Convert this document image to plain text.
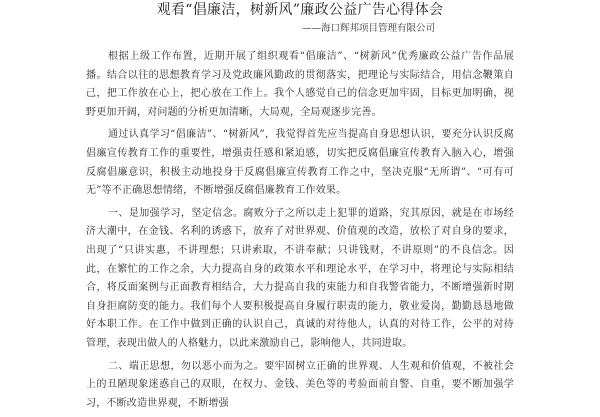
观看“倡廉洁，树新风”廉政公益广告心得体会
——海口辉邦项目管理有限公司

根据上级工作布置，近期开展了组织观看“倡廉洁”、“树新风”优秀廉政公益广告作品展播。结合以往的思想教育学习及党政廉风勤政的贯彻落实，把理论与实际结合，用信念鞭策自己，把工作放在心上，把心放在工作上。我个人感觉自己的信念更加牢固，目标更加明确，视野更加开阔，对问题的分析更加清晰，大局观，全局观逐步完善。

通过认真学习“倡廉洁”、“树新风”，我觉得首先应当提高自身思想认识，要充分认识反腐倡廉宣传教育工作的重要性，增强责任感和紧迫感，切实把反腐倡廉宣传教育入脑入心，增强反腐倡廉意识，积极主动地投身于反腐倡廉宣传教育工作之中，坚决克服“无所谓”、“可有可无”等不正确思想情绪，不断增强反腐倡廉教育工作效果。

一、是加强学习，坚定信念。腐败分子之所以走上犯罪的道路，究其原因，就是在市场经济大潮中，在金钱、名利的诱惑下，放弃了对世界观、价值观的改造，放松了对自身的要求，出现了“只讲实惠，不讲理想；只讲索取，不讲奉献；只讲钱财，不讲原则”的不良信念。因此，在繁忙的工作之余，大力提高自身的政策水平和理论水平，在学习中，将理论与实际相结合，将反面案例与正面教育相结合，大力提高自我的束能力和自我警省能力，不断增强新时期自身拒腐防变的能力。我们每个人要积极提高自身履行职责的能力，敬业爱岗，勤勤恳恳地做好本职工作。在工作中做到正确的认识自己，真诚的对待他人，认真的对待工作，公平的对待管理，表现出做人的人格魅力，以此来激励自己，影响他人，共同进取。

二、端正思想，勿以恶小而为之。要牢固树立正确的世界观、人生观和价值观，不被社会上的丑陋现象迷惑自己的双眼，在权力、金钱、美色等的考验面前自警、自重，要不断加强学习，不断改造世界观，不断增强
